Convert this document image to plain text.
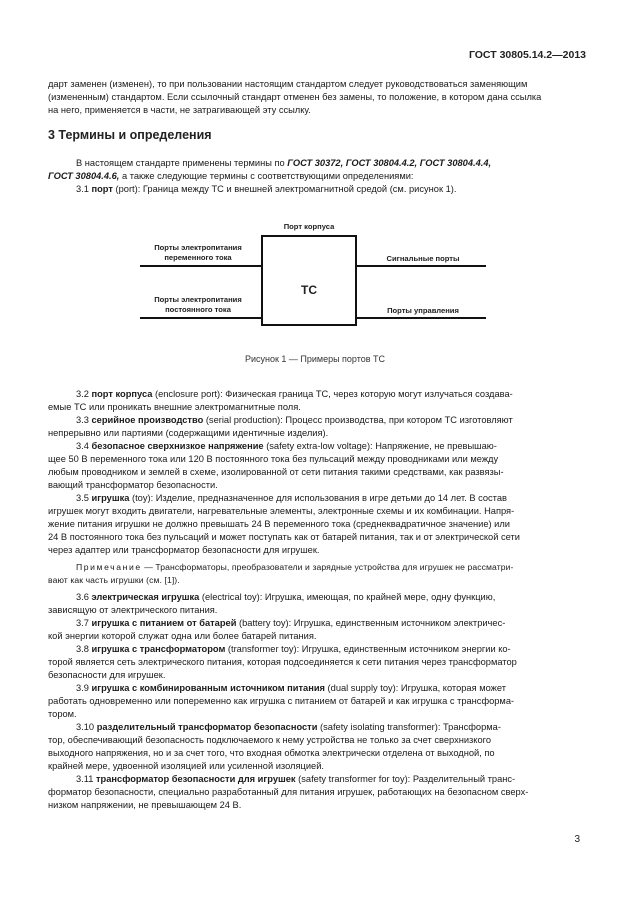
ГОСТ 30805.14.2—2013

дарт заменен (изменен), то при пользовании настоящим стандартом следует руководствоваться заменяющим

(измененным) стандартом. Если ссылочный стандарт отменен без замены, то положение, в котором дана ссылка

на него, применяется в части, не затрагивающей эту ссылку.

3 Термины и определения

В настоящем стандарте применены термины по ГОСТ 30372, ГОСТ 30804.4.2, ГОСТ 30804.4.4,

ГОСТ 30804.4.6, а также следующие термины с соответствующими определениями:

3.1 порт (port): Граница между ТС и внешней электромагнитной средой (см. рисунок 1).

Порт корпуса
ТС
Порты электропитания
переменного тока
Порты электропитания
постоянного тока
Сигнальные порты
Порты управления
Рисунок 1 — Примеры портов ТС

3.2 порт корпуса (enclosure port): Физическая граница ТС, через которую могут излучаться создава-

емые ТС или проникать внешние электромагнитные поля.

3.3 серийное производство (serial production): Процесс производства, при котором ТС изготовляют

непрерывно или партиями (содержащими идентичные изделия).

3.4 безопасное сверхнизкое напряжение (safety extra-low voltage): Напряжение, не превышаю-

щее 50 В переменного тока или 120 В постоянного тока без пульсаций между проводниками или между

любым проводником и землей в схеме, изолированной от сети питания такими средствами, как развязы-

вающий трансформатор безопасности.

3.5 игрушка (toy): Изделие, предназначенное для использования в игре детьми до 14 лет. В состав

игрушек могут входить двигатели, нагревательные элементы, электронные схемы и их комбинации. Напря-

жение питания игрушки не должно превышать 24 В переменного тока (среднеквадратичное значение) или

24 В постоянного тока без пульсаций и может поступать как от батарей питания, так и от электрической сети

через адаптер или трансформатор безопасности для игрушек.

Примечание — Трансформаторы, преобразователи и зарядные устройства для игрушек не рассматри-

вают как часть игрушки (см. [1]).

3.6 электрическая игрушка (electrical toy): Игрушка, имеющая, по крайней мере, одну функцию,

зависящую от электрического питания.

3.7 игрушка с питанием от батарей (battery toy): Игрушка, единственным источником электричес-

кой энергии которой служат одна или более батарей питания.

3.8 игрушка с трансформатором (transformer toy): Игрушка, единственным источником энергии ко-

торой является сеть электрического питания, которая подсоединяется к сети питания через трансформатор

безопасности для игрушек.

3.9 игрушка с комбинированным источником питания (dual supply toy): Игрушка, которая может

работать одновременно или попеременно как игрушка с питанием от батарей и как игрушка с трансформа-

тором.

3.10 разделительный трансформатор безопасности (safety isolating transformer): Трансформа-

тор, обеспечивающий безопасность подключаемого к нему устройства не только за счет сверхнизкого

выходного напряжения, но и за счет того, что входная обмотка электрически отделена от выходной, по

крайней мере, удвоенной изоляцией или усиленной изоляцией.

3.11 трансформатор безопасности для игрушек (safety transformer for toy): Разделительный транс-

форматор безопасности, специально разработанный для питания игрушек, работающих на безопасном сверх-

низком напряжении, не превышающем 24 В.

3
